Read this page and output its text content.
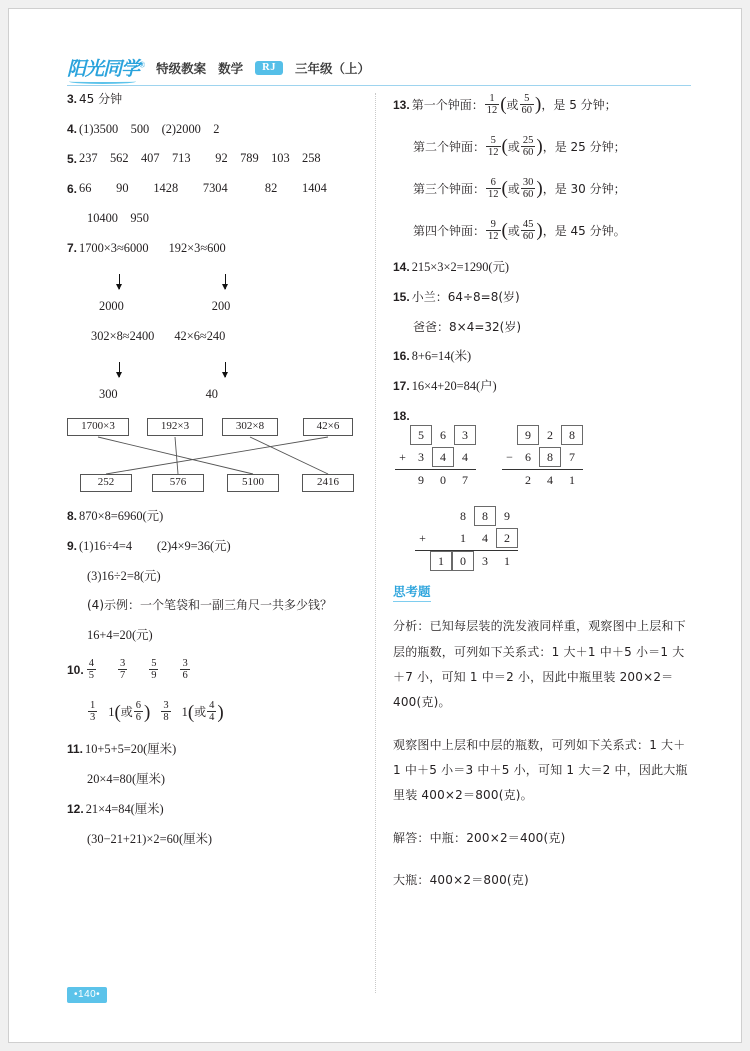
阳光同学® 特级教案 数学	RJ	三年级（上）
3. 45 分钟
4. (1)3500　500　(2)2000　2
5. 237　562　407　713　　92　789　103　258
6. 66　　90　　1428　　7304　　　82　　1404
10400　950
7. 1700×3≈6000 192×3≈600
2000	200
302×8≈2400 42×6≈240
300	40
1700×3	192×3	302×8	42×6
252	576	5100	2416
8. 870×8=6960(元)
9. (1)16÷4=4　　(2)4×9=36(元)
(3)16÷2=8(元)
(4)示例：一个笔袋和一副三角尺一共多少钱？
16+4=20(元)
10. $\frac{4}{5} \frac{3}{7} \frac{5}{9} \frac{3}{6}$
$\frac{1}{3} 1$ ( 或 $\frac{6}{6}$ ) $\frac{3}{8} 1$ ( 或 $\frac{4}{4}$ )
11. 10+5+5=20(厘米)
20×4=80(厘米)
12. 21×4=84(厘米)
(30−21+21)×2=60(厘米)
13. 第一个钟面： $\frac{1}{12}$ ( 或 $\frac{5}{60}$ ) ，是 5 分钟；
第二个钟面： $\frac{5}{12}$ ( 或 $\frac{25}{60}$ ) ，是 25 分钟；
第三个钟面： $\frac{6}{12}$ ( 或 $\frac{30}{60}$ ) ，是 30 分钟；
第四个钟面： $\frac{9}{12}$ ( 或 $\frac{45}{60}$ ) ，是 45 分钟。
14. 215×3×2=1290(元)
15. 小兰：64÷8=8(岁)
爸爸：8×4=32(岁)
16. 8+6=14(米)
17. 16×4+20=84(户)
18.
5	6	3
+	3	4	4
9	0	7
9	2	8
−	6	8	7
2	4	1
8	8	9
+	1	4	2
1	0	3	1
思考题
分析：已知每层装的洗发液同样重，观察图中上层和下层的瓶数，可列如下关系式：1 大＋1 中＋5 小＝1 大＋7 小，可知 1 中＝2 小，因此中瓶里装 200×2＝400(克)。
观察图中上层和中层的瓶数，可列如下关系式：1 大＋1 中＋5 小＝3 中＋5 小，可知 1 大＝2 中，因此大瓶里装 400×2＝800(克)。
解答：中瓶：200×2＝400(克)
大瓶：400×2＝800(克)
•140•
